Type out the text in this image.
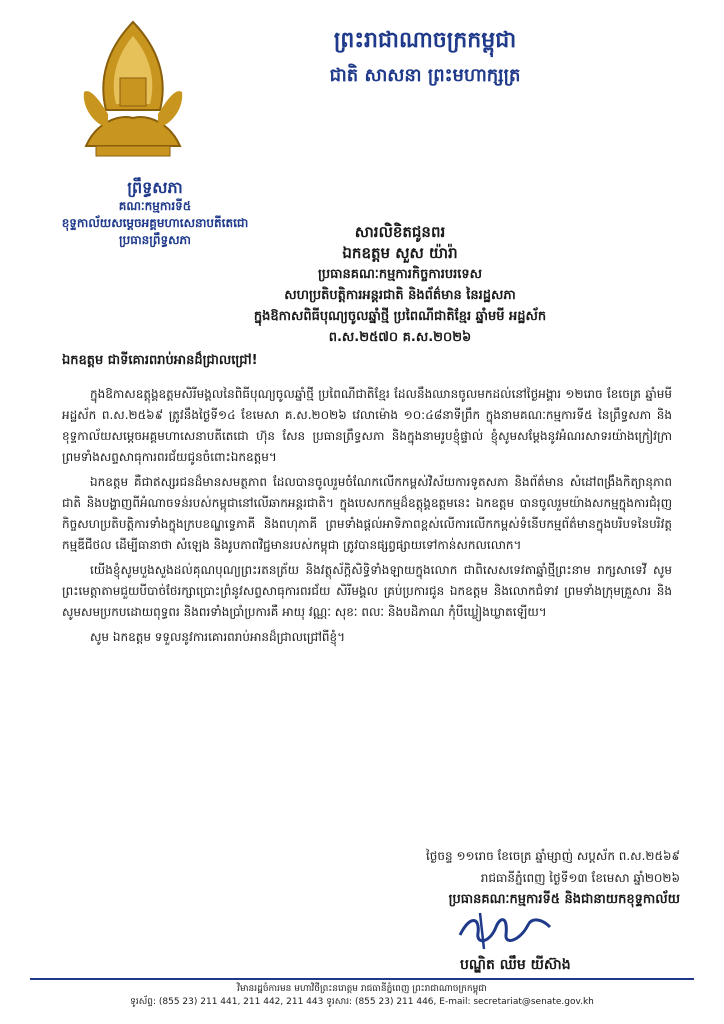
ព្រះរាជាណាចក្រកម្ពុជា
ជាតិ សាសនា ព្រះមហាក្សត្រ
ព្រឹទ្ធសភា
គណៈកម្មការទី៥
ខុទ្ទកាល័យសម្តេចអគ្គមហាសេនាបតីតេជោ
ប្រធានព្រឹទ្ធសភា	សារលិខិតជូនពរ
ឯកឧត្តម សួស យ៉ារ៉ា
ប្រធានគណៈកម្មការកិច្ចការបរទេស
សហប្រតិបត្តិការអន្តរជាតិ និងព័ត៌មាន នៃរដ្ឋសភា
ក្នុងឱកាសពិធីបុណ្យចូលឆ្នាំថ្មី ប្រពៃណីជាតិខ្មែរ ឆ្នាំមមី អដ្ឋស័ក
ព.ស.២៥៧០ គ.ស.២០២៦
ឯកឧត្តម ជាទីគោរពរាប់អានដ៏ជ្រាលជ្រៅ!

ក្នុងឱកាសឧត្តុង្គឧត្តមសិរីមង្គលនៃពិធីបុណ្យចូលឆ្នាំថ្មី ប្រពៃណីជាតិខ្មែរ ដែលនឹងឈានចូលមកដល់នៅថ្ងៃអង្គារ ១២រោច ខែចេត្រ ឆ្នាំមមី អដ្ឋស័ក ព.ស.២៥៦៩ ត្រូវនឹងថ្ងៃទី១៤ ខែមេសា គ.ស.២០២៦ វេលាម៉ោង ១០:៤៨នាទីព្រឹក ក្នុងនាមគណៈកម្មការទី៥ នៃព្រឹទ្ធសភា និងខុទ្ទកាល័យសម្តេចអគ្គមហាសេនាបតីតេជោ ហ៊ុន សែន ប្រធានព្រឹទ្ធសភា និងក្នុងនាមរូបខ្ញុំផ្ទាល់ ខ្ញុំសូមសម្តែងនូវអំណរសាទរយ៉ាងក្រៀវក្រា ព្រមទាំងសព្ទសាធុការពរជ័យជូនចំពោះឯកឧត្តម។

ឯកឧត្តម គឺជាឥស្សរជនដ៏មានសមត្ថភាព ដែលបានចូលរួមចំណែកលើកកម្ពស់វិស័យការទូតសភា និងព័ត៌មាន សំដៅពង្រឹងកិត្យានុភាពជាតិ និងបង្ហាញពីអំណាចទន់របស់កម្ពុជានៅលើឆាកអន្តរជាតិ។ ក្នុងបេសកកម្មដ៏ឧត្តុង្គឧត្តមនេះ ឯកឧត្តម បានចូលរួមយ៉ាងសកម្មក្នុងការជំរុញកិច្ចសហប្រតិបត្តិការទាំងក្នុងក្របខណ្ឌទ្វេភាគី និងពហុភាគី ព្រមទាំងផ្តល់អាទិភាពខ្ពស់លើការលើកកម្ពស់ទំនើបកម្មព័ត៌មានក្នុងបរិបទនៃបរិវត្តកម្មឌីជីថល ដើម្បីធានាថា សំឡេង និងរូបភាពវិជ្ជមានរបស់កម្ពុជា ត្រូវបានផ្សព្វផ្សាយទៅកាន់សកលលោក។

យើងខ្ញុំសូមបួងសួងដល់គុណបុណ្យព្រះរតនត្រ័យ និងវត្ថុស័ក្តិសិទ្ធិទាំងឡាយក្នុងលោក ជាពិសេសទេវតាឆ្នាំថ្មីព្រះនាម រាក្សសាទេវី សូមព្រះមេត្តាតាមជួយបីបាច់ថែរក្សាប្រោះព្រំនូវសព្ទសាធុការពរជ័យ សិរីមង្គល គ្រប់ប្រការជូន ឯកឧត្តម និងលោកជំទាវ ព្រមទាំងក្រុមគ្រួសារ និងសូមសមប្រកបដោយពុទ្ធពរ និងពរទាំងប្រាំប្រការគឺ អាយុ វណ្ណៈ សុខៈ ពលៈ និងបដិភាណ កុំបីឃ្លៀងឃ្លាតឡើយ។

សូម ឯកឧត្តម ទទួលនូវការគោរពរាប់អានដ៏ជ្រាលជ្រៅពីខ្ញុំ។

ថ្ងៃចន្ទ ១១រោច ខែចេត្រ ឆ្នាំម្សាញ់ សប្តស័ក ព.ស.២៥៦៩
រាជធានីភ្នំពេញ ថ្ងៃទី១៣ ខែមេសា ឆ្នាំ២០២៦
ប្រធានគណៈកម្មការទី៥ និងជានាយកខុទ្ទកាល័យ
បណ្ឌិត ឈឹម យីស៊ាង
វិមានរដ្ឋចំការមន មហាវិថីព្រះនរោត្តម រាជធានីភ្នំពេញ ព្រះរាជាណាចក្រកម្ពុជា
ទូរស័ព្ទ: (855 23) 211 441, 211 442, 211 443 ទូរសារ: (855 23) 211 446, E-mail: secretariat@senate.gov.kh
